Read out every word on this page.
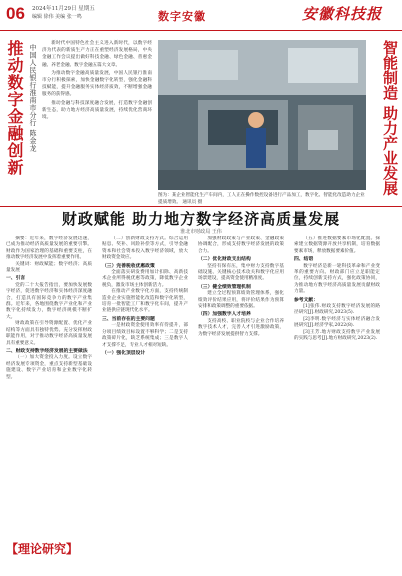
06 2024年11月29日 星期五
编辑 徐伟 美编 张一鸣	数字安徽	安徽科技报
推动数字金融创新 中国人民银行淮南市分行 陈金龙

新时代中国特色社会主义进入新时代，以数字经济为代表的新质生产力正在重塑经济发展格局，中央金融工作会议提出做好科技金融、绿色金融、普惠金融、养老金融、数字金融五篇大文章。

为推动数字金融高质量发展，中国人民银行淮南市分行积极探索，加快金融数字化转型，强化金融科技赋能，提升金融服务实体经济质效，不断增强金融服务的获得感。

推动金融与科技深度融合发展，打造数字金融创新生态，助力地方经济高质量发展，持续优化营商环境。

图为：某企业智能化生产车间内，工人正在操作数控设备进行产品加工，数字化、智能化改造助力企业提质增效。 通讯员 摄
智能制造 助力产业发展
财政赋能 助力地方数字经济高质量发展
淮北市财政局 王伟

摘要：近年来，数字经济发展迅速，已成为推动经济高质量发展的重要引擎。财政作为国家治理的基础和重要支柱，在推动数字经济发展中发挥着重要作用。

关键词：财政赋能；数字经济；高质量发展

一、引言

党的二十大报告指出，要加快发展数字经济，促进数字经济和实体经济深度融合，打造具有国际竞争力的数字产业集群。近年来，各地围绕数字产业化和产业数字化持续发力，数字经济规模不断扩大。

财政政策在引导资源配置、优化产业结构等方面具有独特优势。充分发挥财政职能作用，对于推动数字经济高质量发展具有重要意义。

二、财政支持数字经济发展的主要做法

（一）加大资金投入力度。设立数字经济发展专项资金，重点支持新型基础设施建设、数字产业培育和企业数字化转型。

（二）创新财政支持方式。综合运用贴息、奖补、风险补偿等方式，引导金融资本和社会资本投入数字经济领域，放大财政资金效应。

（三）完善税收优惠政策

全面落实研发费用加计扣除、高新技术企业所得税优惠等政策，降低数字企业税负，激发市场主体创新活力。

在推动产业数字化方面，支持传统制造业企业实施智能化改造和数字化转型，培育一批智能工厂和数字化车间，提升产业链供应链现代化水平。

三、当前存在的主要问题

一是财政资金使用效率有待提升，部分项目绩效目标设置不够科学；二是支持政策碎片化，缺乏系统集成；三是数字人才支撑不足，专业人才相对短缺。

（一）强化顶层设计

加强财政政策与产业政策、金融政策协调配合，形成支持数字经济发展的政策合力。

（二）优化财政支出结构

坚持有保有压，集中财力支持数字基础设施、关键核心技术攻关和数字化应用场景建设，提高资金使用精准度。

（三）健全绩效管理机制

建立全过程预算绩效管理体系，强化绩效评价结果应用，将评价结果作为预算安排和政策调整的重要依据。

（四）加强数字人才培养

支持高校、职业院校与企业合作培养数字技术人才，完善人才引进激励政策，为数字经济发展提供智力支撑。

（五）推进数据要素市场化配置。探索建立数据资源开放共享机制，培育数据要素市场，释放数据要素价值。

四、结语

数字经济是新一轮科技革命和产业变革的重要方向。财政部门应立足职能定位，持续创新支持方式，强化政策协同，为推动地方数字经济高质量发展贡献财政力量。

参考文献：

[1]张伟.财政支持数字经济发展的路径研究[J].财政研究,2023(5).

[2]李明.数字经济与实体经济融合发展研究[J].经济学家,2022(8).

[3]王芳.地方财政支持数字产业发展的实践与思考[J].地方财政研究,2023(2).

【理论研究】
